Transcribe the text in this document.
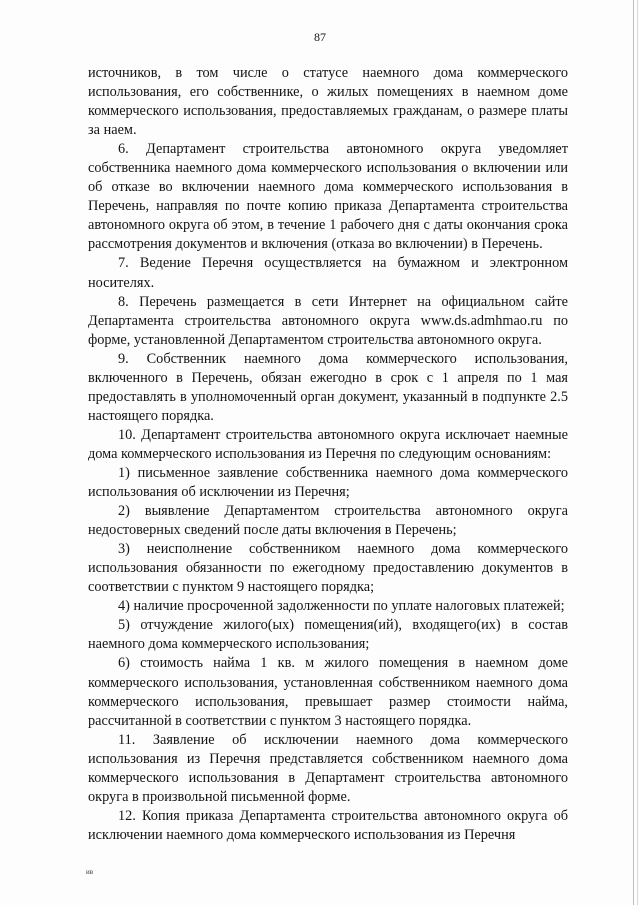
87

источников, в том числе о статусе наемного дома коммерческого использования, его собственнике, о жилых помещениях в наемном доме коммерческого использования, предоставляемых гражданам, о размере платы за наем.

6. Департамент строительства автономного округа уведомляет собственника наемного дома коммерческого использования о включении или об отказе во включении наемного дома коммерческого использования в Перечень, направляя по почте копию приказа Департамента строительства автономного округа об этом, в течение 1 рабочего дня с даты окончания срока рассмотрения документов и включения (отказа во включении) в Перечень.

7. Ведение Перечня осуществляется на бумажном и электронном носителях.

8. Перечень размещается в сети Интернет на официальном сайте Департамента строительства автономного округа www.ds.admhmao.ru по форме, установленной Департаментом строительства автономного округа.

9. Собственник наемного дома коммерческого использования, включенного в Перечень, обязан ежегодно в срок с 1 апреля по 1 мая предоставлять в уполномоченный орган документ, указанный в подпункте 2.5 настоящего порядка.

10. Департамент строительства автономного округа исключает наемные дома коммерческого использования из Перечня по следующим основаниям:

1) письменное заявление собственника наемного дома коммерческого использования об исключении из Перечня;

2) выявление Департаментом строительства автономного округа недостоверных сведений после даты включения в Перечень;

3) неисполнение собственником наемного дома коммерческого использования обязанности по ежегодному предоставлению документов в соответствии с пунктом 9 настоящего порядка;

4) наличие просроченной задолженности по уплате налоговых платежей;

5) отчуждение жилого(ых) помещения(ий), входящего(их) в состав наемного дома коммерческого использования;

6) стоимость найма 1 кв. м жилого помещения в наемном доме коммерческого использования, установленная собственником наемного дома коммерческого использования, превышает размер стоимости найма, рассчитанной в соответствии с пунктом 3 настоящего порядка.

11. Заявление об исключении наемного дома коммерческого использования из Перечня представляется собственником наемного дома коммерческого использования в Департамент строительства автономного округа в произвольной письменной форме.

12. Копия приказа Департамента строительства автономного округа об исключении наемного дома коммерческого использования из Перечня

ив
